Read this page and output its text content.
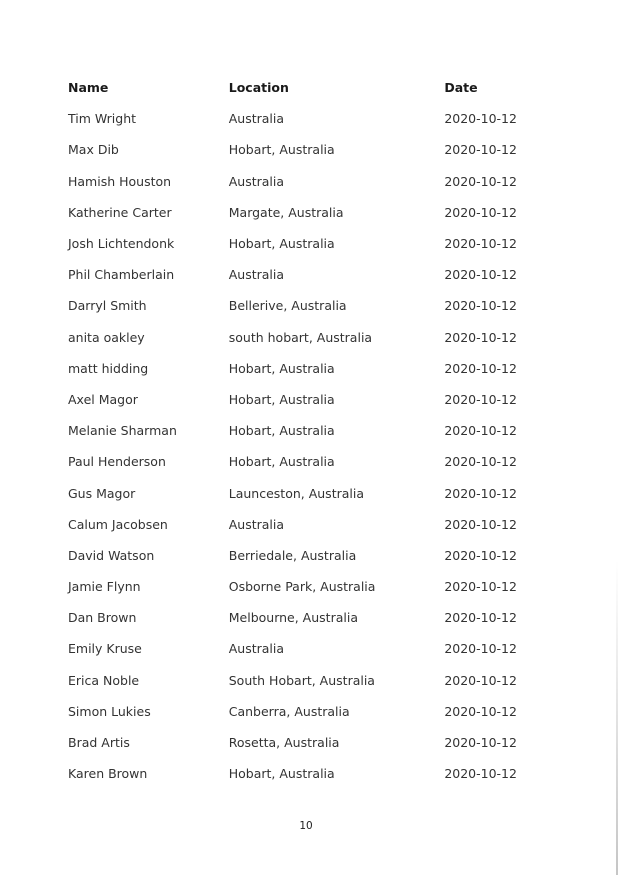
Name	Location	Date
Tim Wright	Australia	2020-10-12
Max Dib	Hobart, Australia	2020-10-12
Hamish Houston	Australia	2020-10-12
Katherine Carter	Margate, Australia	2020-10-12
Josh Lichtendonk	Hobart, Australia	2020-10-12
Phil Chamberlain	Australia	2020-10-12
Darryl Smith	Bellerive, Australia	2020-10-12
anita oakley	south hobart, Australia	2020-10-12
matt hidding	Hobart, Australia	2020-10-12
Axel Magor	Hobart, Australia	2020-10-12
Melanie Sharman	Hobart, Australia	2020-10-12
Paul Henderson	Hobart, Australia	2020-10-12
Gus Magor	Launceston, Australia	2020-10-12
Calum Jacobsen	Australia	2020-10-12
David Watson	Berriedale, Australia	2020-10-12
Jamie Flynn	Osborne Park, Australia	2020-10-12
Dan Brown	Melbourne, Australia	2020-10-12
Emily Kruse	Australia	2020-10-12
Erica Noble	South Hobart, Australia	2020-10-12
Simon Lukies	Canberra, Australia	2020-10-12
Brad Artis	Rosetta, Australia	2020-10-12
Karen Brown	Hobart, Australia	2020-10-12
10
